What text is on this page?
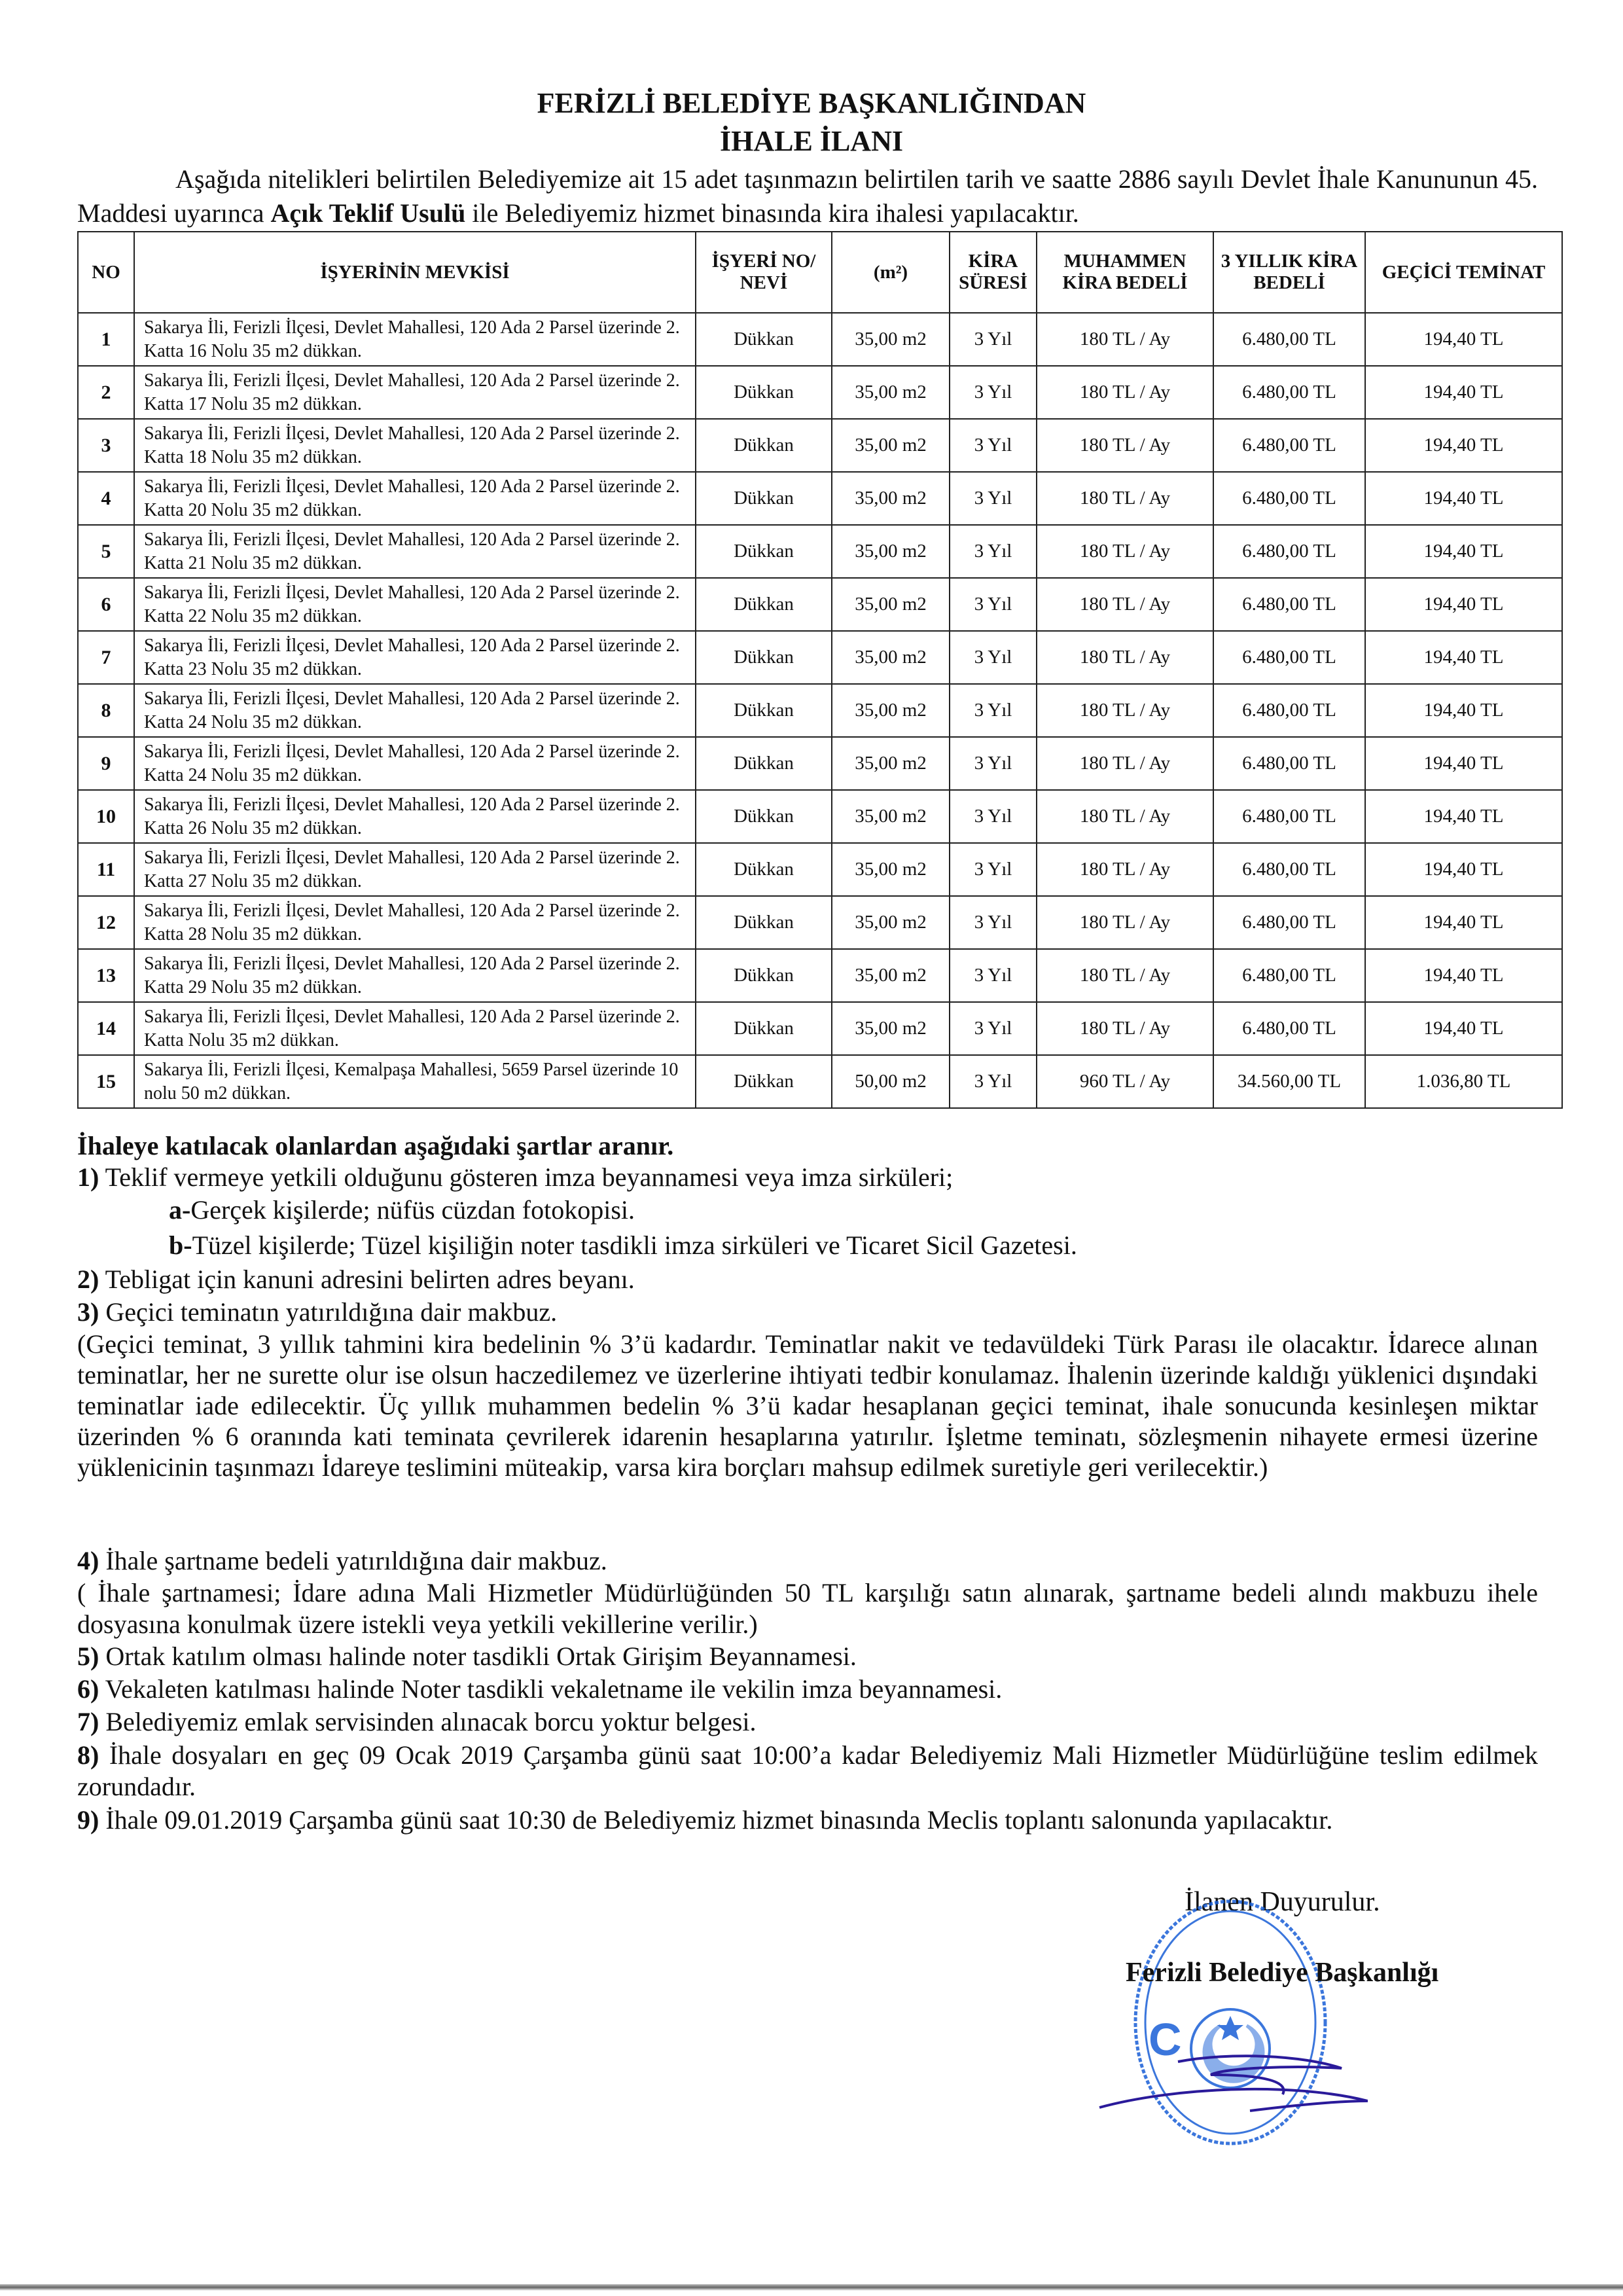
FERİZLİ BELEDİYE BAŞKANLIĞINDAN
İHALE İLANI
Aşağıda nitelikleri belirtilen Belediyemize ait 15 adet taşınmazın belirtilen tarih ve saatte 2886 sayılı Devlet İhale Kanununun 45. Maddesi uyarınca Açık Teklif Usulü ile Belediyemiz hizmet binasında kira ihalesi yapılacaktır.
NO	İŞYERİNİN MEVKİSİ	İŞYERİ NO/ NEVİ	(m²)	KİRA SÜRESİ	MUHAMMEN KİRA BEDELİ	3 YILLIK KİRA BEDELİ	GEÇİCİ TEMİNAT
1	Sakarya İli, Ferizli İlçesi, Devlet Mahallesi, 120 Ada 2 Parsel üzerinde 2. Katta 16 Nolu 35 m2 dükkan.	Dükkan	35,00 m2	3 Yıl	180 TL / Ay	6.480,00 TL	194,40 TL
2	Sakarya İli, Ferizli İlçesi, Devlet Mahallesi, 120 Ada 2 Parsel üzerinde 2. Katta 17 Nolu 35 m2 dükkan.	Dükkan	35,00 m2	3 Yıl	180 TL / Ay	6.480,00 TL	194,40 TL
3	Sakarya İli, Ferizli İlçesi, Devlet Mahallesi, 120 Ada 2 Parsel üzerinde 2. Katta 18 Nolu 35 m2 dükkan.	Dükkan	35,00 m2	3 Yıl	180 TL / Ay	6.480,00 TL	194,40 TL
4	Sakarya İli, Ferizli İlçesi, Devlet Mahallesi, 120 Ada 2 Parsel üzerinde 2. Katta 20 Nolu 35 m2 dükkan.	Dükkan	35,00 m2	3 Yıl	180 TL / Ay	6.480,00 TL	194,40 TL
5	Sakarya İli, Ferizli İlçesi, Devlet Mahallesi, 120 Ada 2 Parsel üzerinde 2. Katta 21 Nolu 35 m2 dükkan.	Dükkan	35,00 m2	3 Yıl	180 TL / Ay	6.480,00 TL	194,40 TL
6	Sakarya İli, Ferizli İlçesi, Devlet Mahallesi, 120 Ada 2 Parsel üzerinde 2. Katta 22 Nolu 35 m2 dükkan.	Dükkan	35,00 m2	3 Yıl	180 TL / Ay	6.480,00 TL	194,40 TL
7	Sakarya İli, Ferizli İlçesi, Devlet Mahallesi, 120 Ada 2 Parsel üzerinde 2. Katta 23 Nolu 35 m2 dükkan.	Dükkan	35,00 m2	3 Yıl	180 TL / Ay	6.480,00 TL	194,40 TL
8	Sakarya İli, Ferizli İlçesi, Devlet Mahallesi, 120 Ada 2 Parsel üzerinde 2. Katta 24 Nolu 35 m2 dükkan.	Dükkan	35,00 m2	3 Yıl	180 TL / Ay	6.480,00 TL	194,40 TL
9	Sakarya İli, Ferizli İlçesi, Devlet Mahallesi, 120 Ada 2 Parsel üzerinde 2. Katta 24 Nolu 35 m2 dükkan.	Dükkan	35,00 m2	3 Yıl	180 TL / Ay	6.480,00 TL	194,40 TL
10	Sakarya İli, Ferizli İlçesi, Devlet Mahallesi, 120 Ada 2 Parsel üzerinde 2. Katta 26 Nolu 35 m2 dükkan.	Dükkan	35,00 m2	3 Yıl	180 TL / Ay	6.480,00 TL	194,40 TL
11	Sakarya İli, Ferizli İlçesi, Devlet Mahallesi, 120 Ada 2 Parsel üzerinde 2. Katta 27 Nolu 35 m2 dükkan.	Dükkan	35,00 m2	3 Yıl	180 TL / Ay	6.480,00 TL	194,40 TL
12	Sakarya İli, Ferizli İlçesi, Devlet Mahallesi, 120 Ada 2 Parsel üzerinde 2. Katta 28 Nolu 35 m2 dükkan.	Dükkan	35,00 m2	3 Yıl	180 TL / Ay	6.480,00 TL	194,40 TL
13	Sakarya İli, Ferizli İlçesi, Devlet Mahallesi, 120 Ada 2 Parsel üzerinde 2. Katta 29 Nolu 35 m2 dükkan.	Dükkan	35,00 m2	3 Yıl	180 TL / Ay	6.480,00 TL	194,40 TL
14	Sakarya İli, Ferizli İlçesi, Devlet Mahallesi, 120 Ada 2 Parsel üzerinde 2. Katta Nolu 35 m2 dükkan.	Dükkan	35,00 m2	3 Yıl	180 TL / Ay	6.480,00 TL	194,40 TL
15	Sakarya İli, Ferizli İlçesi, Kemalpaşa Mahallesi, 5659 Parsel üzerinde 10 nolu 50 m2 dükkan.	Dükkan	50,00 m2	3 Yıl	960 TL / Ay	34.560,00 TL	1.036,80 TL
İhaleye katılacak olanlardan aşağıdaki şartlar aranır.
1) Teklif vermeye yetkili olduğunu gösteren imza beyannamesi veya imza sirküleri;
a-Gerçek kişilerde; nüfüs cüzdan fotokopisi.
b-Tüzel kişilerde; Tüzel kişiliğin noter tasdikli imza sirküleri ve Ticaret Sicil Gazetesi.
2) Tebligat için kanuni adresini belirten adres beyanı.
3) Geçici teminatın yatırıldığına dair makbuz.
(Geçici teminat, 3 yıllık tahmini kira bedelinin % 3’ü kadardır. Teminatlar nakit ve tedavüldeki Türk Parası ile olacaktır. İdarece alınan teminatlar, her ne surette olur ise olsun haczedilemez ve üzerlerine ihtiyati tedbir konulamaz. İhalenin üzerinde kaldığı yüklenici dışındaki teminatlar iade edilecektir. Üç yıllık muhammen bedelin % 3’ü kadar hesaplanan geçici teminat, ihale sonucunda kesinleşen miktar üzerinden % 6 oranında kati teminata çevrilerek idarenin hesaplarına yatırılır. İşletme teminatı, sözleşmenin nihayete ermesi üzerine yüklenicinin taşınmazı İdareye teslimini müteakip, varsa kira borçları mahsup edilmek suretiyle geri verilecektir.)
4) İhale şartname bedeli yatırıldığına dair makbuz.
( İhale şartnamesi; İdare adına Mali Hizmetler Müdürlüğünden 50 TL karşılığı satın alınarak, şartname bedeli alındı makbuzu ihele dosyasına konulmak üzere istekli veya yetkili vekillerine verilir.)
5) Ortak katılım olması halinde noter tasdikli Ortak Girişim Beyannamesi.
6) Vekaleten katılması halinde Noter tasdikli vekaletname ile vekilin imza beyannamesi.
7) Belediyemiz emlak servisinden alınacak borcu yoktur belgesi.
8) İhale dosyaları en geç 09 Ocak 2019 Çarşamba günü saat 10:00’a kadar Belediyemiz Mali Hizmetler Müdürlüğüne teslim edilmek zorundadır.
9) İhale 09.01.2019 Çarşamba günü saat 10:30 de Belediyemiz hizmet binasında Meclis toplantı salonunda yapılacaktır.
İlanen Duyurulur.
C
Ferizli Belediye Başkanlığı
